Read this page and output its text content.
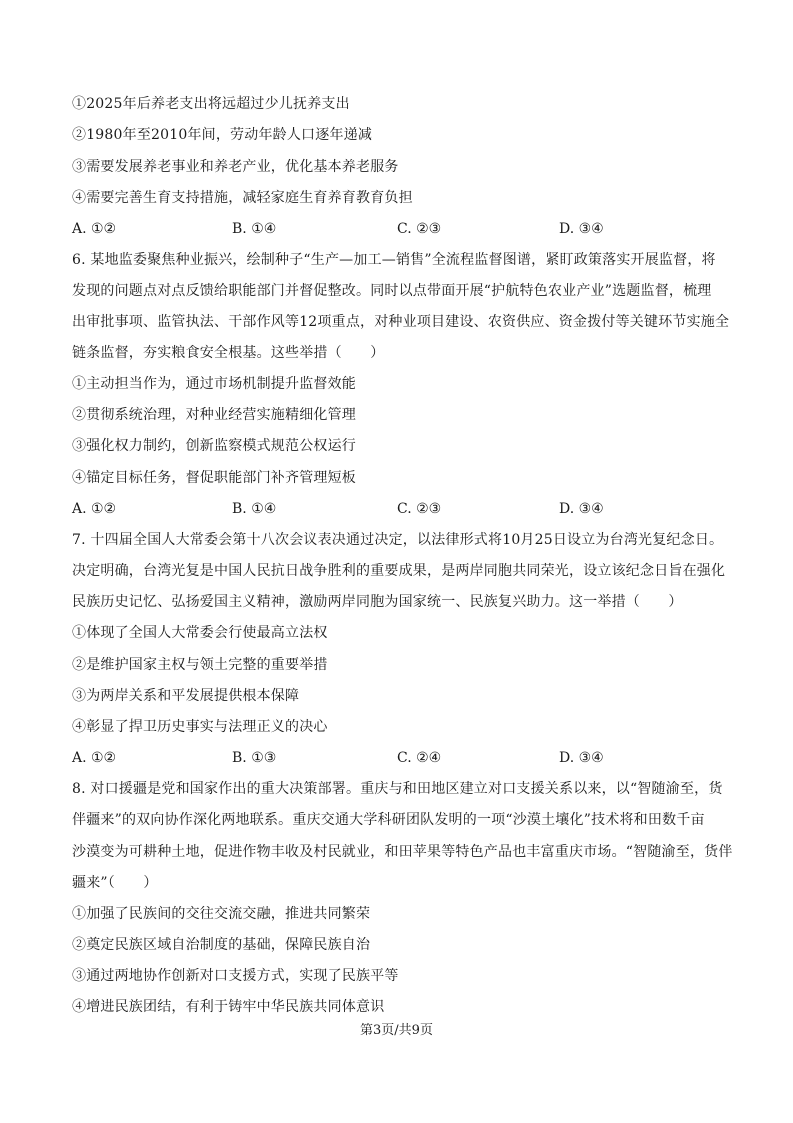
①2025年后养老支出将远超过少儿抚养支出
②1980年至2010年间，劳动年龄人口逐年递减
③需要发展养老事业和养老产业，优化基本养老服务
④需要完善生育支持措施，减轻家庭生育养育教育负担
A. ①②	B. ①④	C. ②③	D. ③④
6. 某地监委聚焦种业振兴，绘制种子“生产—加工—销售”全流程监督图谱，紧盯政策落实开展监督，将
发现的问题点对点反馈给职能部门并督促整改。同时以点带面开展“护航特色农业产业”选题监督，梳理
出审批事项、监管执法、干部作风等12项重点，对种业项目建设、农资供应、资金拨付等关键环节实施全
链条监督，夯实粮食安全根基。这些举措（　　）
①主动担当作为，通过市场机制提升监督效能
②贯彻系统治理，对种业经营实施精细化管理
③强化权力制约，创新监察模式规范公权运行
④锚定目标任务，督促职能部门补齐管理短板
A. ①②	B. ①④	C. ②③	D. ③④
7. 十四届全国人大常委会第十八次会议表决通过决定，以法律形式将10月25日设立为台湾光复纪念日。
决定明确，台湾光复是中国人民抗日战争胜利的重要成果，是两岸同胞共同荣光，设立该纪念日旨在强化
民族历史记忆、弘扬爱国主义精神，激励两岸同胞为国家统一、民族复兴助力。这一举措（　　）
①体现了全国人大常委会行使最高立法权
②是维护国家主权与领土完整的重要举措
③为两岸关系和平发展提供根本保障
④彰显了捍卫历史事实与法理正义的决心
A. ①②	B. ①③	C. ②④	D. ③④
8. 对口援疆是党和国家作出的重大决策部署。重庆与和田地区建立对口支援关系以来，以“智随渝至，货
伴疆来”的双向协作深化两地联系。重庆交通大学科研团队发明的一项“沙漠土壤化”技术将和田数千亩
沙漠变为可耕种土地，促进作物丰收及村民就业，和田苹果等特色产品也丰富重庆市场。“智随渝至，货伴
疆来”（　　）
①加强了民族间的交往交流交融，推进共同繁荣
②奠定民族区域自治制度的基础，保障民族自治
③通过两地协作创新对口支援方式，实现了民族平等
④增进民族团结，有利于铸牢中华民族共同体意识
第3页/共9页
